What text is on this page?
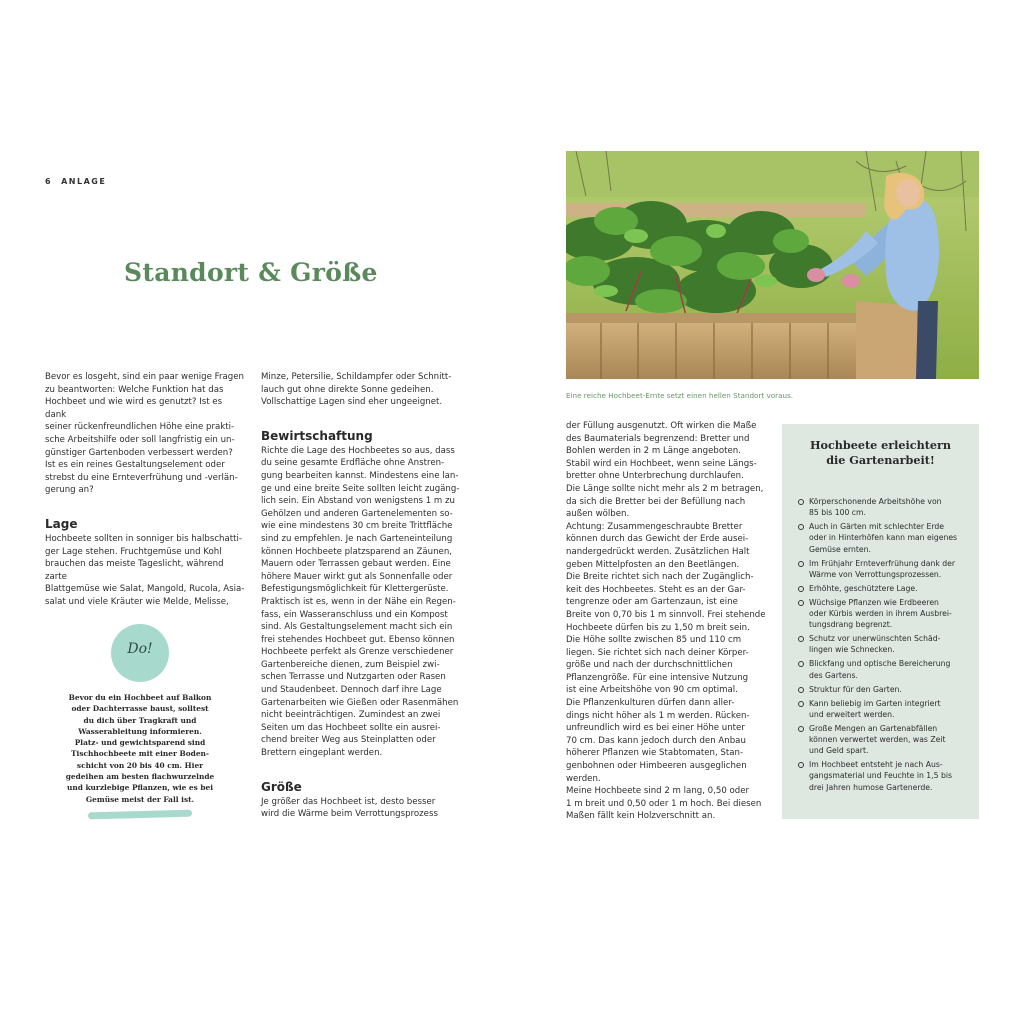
6 ANLAGE
Standort & Größe

Bevor es losgeht, sind ein paar wenige Fragen

zu beantworten: Welche Funktion hat das

Hochbeet und wie wird es genutzt? Ist es dank

seiner rückenfreundlichen Höhe eine prakti-

sche Arbeitshilfe oder soll langfristig ein un-

günstiger Gartenboden verbessert werden?

Ist es ein reines Gestaltungselement oder

strebst du eine Ernteverfrühung und -verlän-

gerung an?

Lage

Hochbeete sollten in sonniger bis halbschatti-

ger Lage stehen. Fruchtgemüse und Kohl

brauchen das meiste Tageslicht, während zarte

Blattgemüse wie Salat, Mangold, Rucola, Asia-

salat und viele Kräuter wie Melde, Melisse,

Do!
Bevor du ein Hochbeet auf Balkon
oder Dachterrasse baust, solltest
du dich über Tragkraft und
Wasserableitung informieren.
Platz- und gewichtsparend sind
Tischhochbeete mit einer Boden-
schicht von 20 bis 40 cm. Hier
gedeihen am besten flachwurzelnde
und kurzlebige Pflanzen, wie es bei
Gemüse meist der Fall ist.

Minze, Petersilie, Schildampfer oder Schnitt-

lauch gut ohne direkte Sonne gedeihen.

Vollschattige Lagen sind eher ungeeignet.

Bewirtschaftung

Richte die Lage des Hochbeetes so aus, dass

du seine gesamte Erdfläche ohne Anstren-

gung bearbeiten kannst. Mindestens eine lan-

ge und eine breite Seite sollten leicht zugäng-

lich sein. Ein Abstand von wenigstens 1 m zu

Gehölzen und anderen Gartenelementen so-

wie eine mindestens 30 cm breite Trittfläche

sind zu empfehlen. Je nach Garteneinteilung

können Hochbeete platzsparend an Zäunen,

Mauern oder Terrassen gebaut werden. Eine

höhere Mauer wirkt gut als Sonnenfalle oder

Befestigungsmöglichkeit für Klettergerüste.

Praktisch ist es, wenn in der Nähe ein Regen-

fass, ein Wasseranschluss und ein Kompost

sind. Als Gestaltungselement macht sich ein

frei stehendes Hochbeet gut. Ebenso können

Hochbeete perfekt als Grenze verschiedener

Gartenbereiche dienen, zum Beispiel zwi-

schen Terrasse und Nutzgarten oder Rasen

und Staudenbeet. Dennoch darf ihre Lage

Gartenarbeiten wie Gießen oder Rasenmähen

nicht beeinträchtigen. Zumindest an zwei

Seiten um das Hochbeet sollte ein ausrei-

chend breiter Weg aus Steinplatten oder

Brettern eingeplant werden.

Größe

Je größer das Hochbeet ist, desto besser

wird die Wärme beim Verrottungsprozess

Eine reiche Hochbeet-Ernte setzt einen hellen Standort voraus.

der Füllung ausgenutzt. Oft wirken die Maße

des Baumaterials begrenzend: Bretter und

Bohlen werden in 2 m Länge angeboten.

Stabil wird ein Hochbeet, wenn seine Längs-

bretter ohne Unterbrechung durchlaufen.

Die Länge sollte nicht mehr als 2 m betragen,

da sich die Bretter bei der Befüllung nach

außen wölben.

Achtung: Zusammengeschraubte Bretter

können durch das Gewicht der Erde ausei-

nandergedrückt werden. Zusätzlichen Halt

geben Mittelpfosten an den Beetlängen.

Die Breite richtet sich nach der Zugänglich-

keit des Hochbeetes. Steht es an der Gar-

tengrenze oder am Gartenzaun, ist eine

Breite von 0,70 bis 1 m sinnvoll. Frei stehende

Hochbeete dürfen bis zu 1,50 m breit sein.

Die Höhe sollte zwischen 85 und 110 cm

liegen. Sie richtet sich nach deiner Körper-

größe und nach der durchschnittlichen

Pflanzengröße. Für eine intensive Nutzung

ist eine Arbeitshöhe von 90 cm optimal.

Die Pflanzenkulturen dürfen dann aller-

dings nicht höher als 1 m werden. Rücken-

unfreundlich wird es bei einer Höhe unter

70 cm. Das kann jedoch durch den Anbau

höherer Pflanzen wie Stabtomaten, Stan-

genbohnen oder Himbeeren ausgeglichen

werden.

Meine Hochbeete sind 2 m lang, 0,50 oder

1 m breit und 0,50 oder 1 m hoch. Bei diesen

Maßen fällt kein Holzverschnitt an.

Hochbeete erleichtern
die Gartenarbeit!
Körperschonende Arbeitshöhe von
85 bis 100 cm.
Auch in Gärten mit schlechter Erde
oder in Hinterhöfen kann man eigenes
Gemüse ernten.
Im Frühjahr Ernteverfrühung dank der
Wärme von Verrottungsprozessen.
Erhöhte, geschütztere Lage.
Wüchsige Pflanzen wie Erdbeeren
oder Kürbis werden in ihrem Ausbrei-
tungsdrang begrenzt.
Schutz vor unerwünschten Schäd-
lingen wie Schnecken.
Blickfang und optische Bereicherung
des Gartens.
Struktur für den Garten.
Kann beliebig im Garten integriert
und erweitert werden.
Große Mengen an Gartenabfällen
können verwertet werden, was Zeit
und Geld spart.
Im Hochbeet entsteht je nach Aus-
gangsmaterial und Feuchte in 1,5 bis
drei Jahren humose Gartenerde.
